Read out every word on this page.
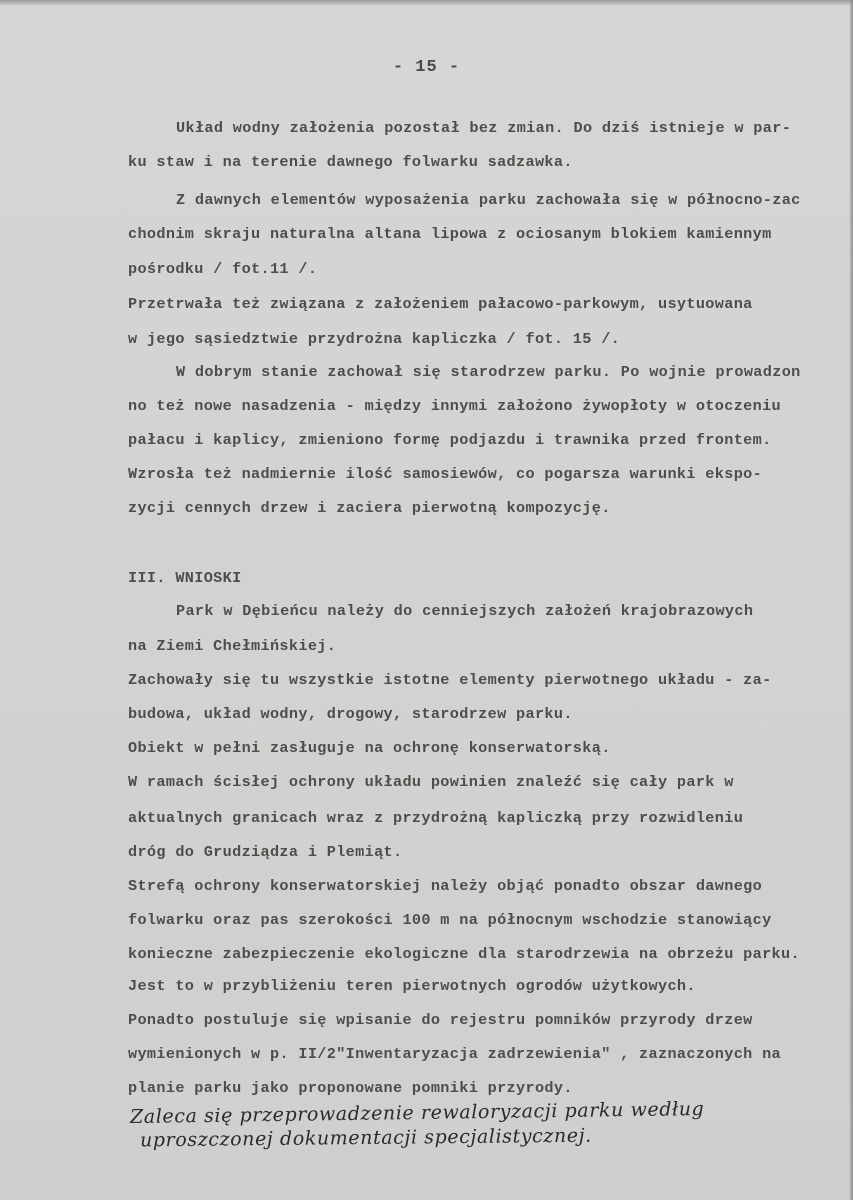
- 15 -
Układ wodny założenia pozostał bez zmian. Do dziś istnieje w par-
ku staw i na terenie dawnego folwarku sadzawka.
Z dawnych elementów wyposażenia parku zachowała się w północno-zac
chodnim skraju naturalna altana lipowa z ociosanym blokiem kamiennym
pośrodku / fot.11 /.
Przetrwała też związana z założeniem pałacowo-parkowym, usytuowana
w jego sąsiedztwie przydrożna kapliczka / fot. 15 /.
W dobrym stanie zachował się starodrzew parku. Po wojnie prowadzon
no też nowe nasadzenia - między innymi założono żywopłoty w otoczeniu
pałacu i kaplicy, zmieniono formę podjazdu i trawnika przed frontem.
Wzrosła też nadmiernie ilość samosiewów, co pogarsza warunki ekspo-
zycji cennych drzew i zaciera pierwotną kompozycję.
III. WNIOSKI
Park w Dębieńcu należy do cenniejszych założeń krajobrazowych
na Ziemi Chełmińskiej.
Zachowały się tu wszystkie istotne elementy pierwotnego układu - za-
budowa, układ wodny, drogowy, starodrzew parku.
Obiekt w pełni zasługuje na ochronę konserwatorską.
W ramach ścisłej ochrony układu powinien znaleźć się cały park w
aktualnych granicach wraz z przydrożną kapliczką przy rozwidleniu
dróg do Grudziądza i Plemiąt.
Strefą ochrony konserwatorskiej należy objąć ponadto obszar dawnego
folwarku oraz pas szerokości 100 m na północnym wschodzie stanowiący
konieczne zabezpieczenie ekologiczne dla starodrzewia na obrzeżu parku.
Jest to w przybliżeniu teren pierwotnych ogrodów użytkowych.
Ponadto postuluje się wpisanie do rejestru pomników przyrody drzew
wymienionych w p. II/2"Inwentaryzacja zadrzewienia" , zaznaczonych na
planie parku jako proponowane pomniki przyrody.
Zaleca się przeprowadzenie rewaloryzacji parku według
uproszczonej dokumentacji specjalistycznej.
